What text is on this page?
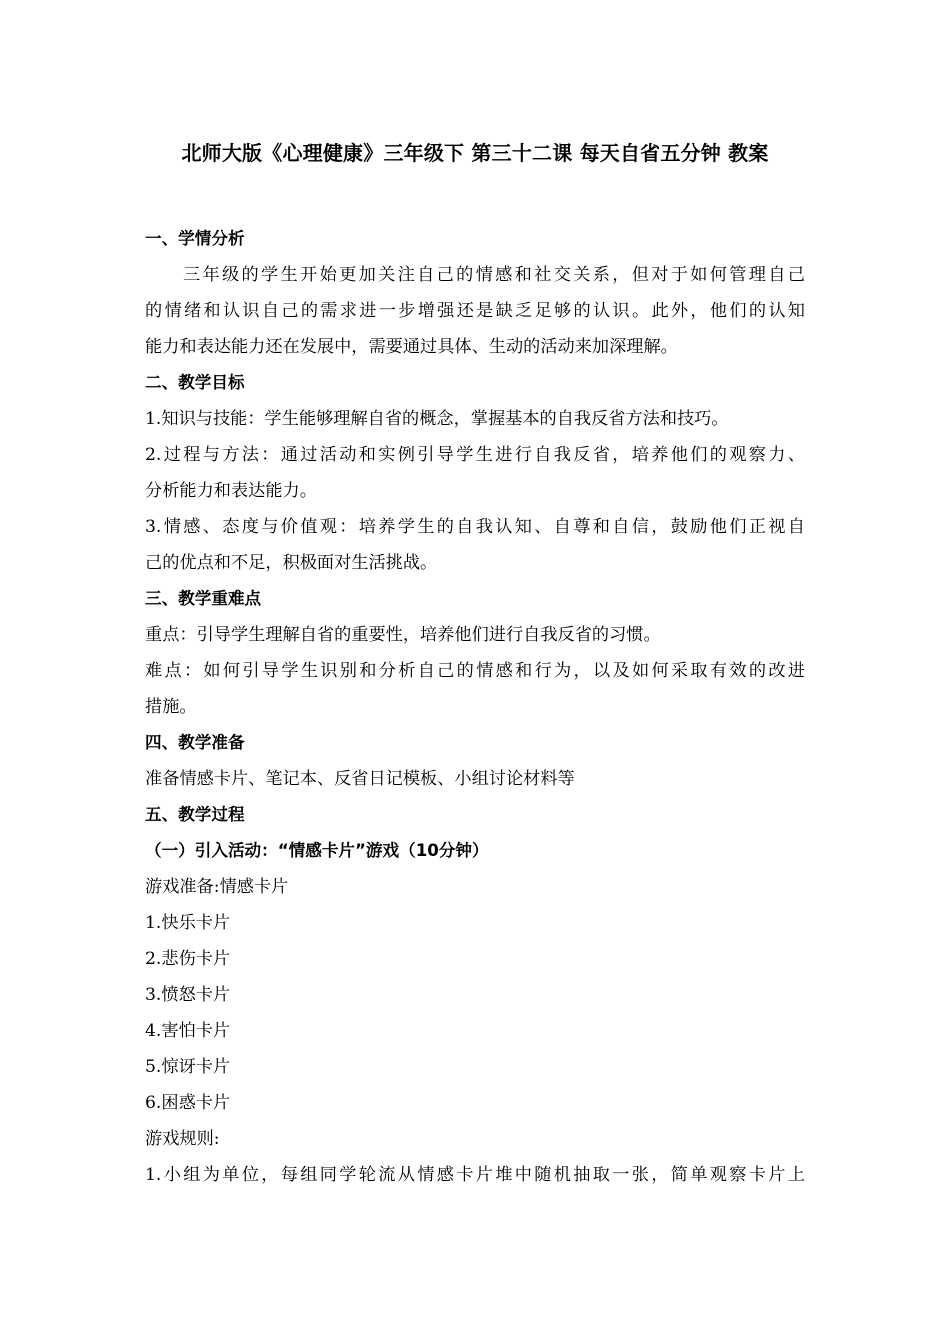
北师大版《心理健康》三年级下 第三十二课 每天自省五分钟 教案
一、学情分析
三年级的学生开始更加关注自己的情感和社交关系，但对于如何管理自己
的情绪和认识自己的需求进一步增强还是缺乏足够的认识。此外，他们的认知
能力和表达能力还在发展中，需要通过具体、生动的活动来加深理解。
二、教学目标
1.知识与技能：学生能够理解自省的概念，掌握基本的自我反省方法和技巧。
2.过程与方法：通过活动和实例引导学生进行自我反省，培养他们的观察力、
分析能力和表达能力。
3.情感、态度与价值观：培养学生的自我认知、自尊和自信，鼓励他们正视自
己的优点和不足，积极面对生活挑战。
三、教学重难点
重点：引导学生理解自省的重要性，培养他们进行自我反省的习惯。
难点：如何引导学生识别和分析自己的情感和行为，以及如何采取有效的改进
措施。
四、教学准备
准备情感卡片、笔记本、反省日记模板、小组讨论材料等
五、教学过程
（一）引入活动：“情感卡片”游戏（10分钟）
游戏准备:情感卡片
1.快乐卡片
2.悲伤卡片
3.愤怒卡片
4.害怕卡片
5.惊讶卡片
6.困惑卡片
游戏规则:
1.小组为单位，每组同学轮流从情感卡片堆中随机抽取一张，简单观察卡片上
